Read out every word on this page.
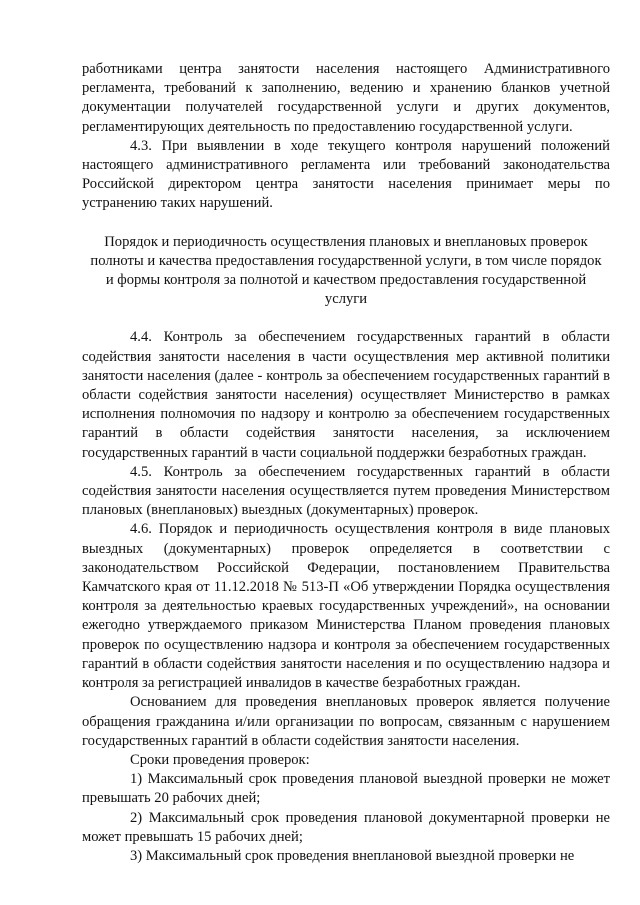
работниками центра занятости населения настоящего Административного регламента, требований к заполнению, ведению и хранению бланков учетной документации получателей государственной услуги и других документов, регламентирующих деятельность по предоставлению государственной услуги.

4.3. При выявлении в ходе текущего контроля нарушений положений настоящего административного регламента или требований законодательства Российской директором центра занятости населения принимает меры по устранению таких нарушений.

Порядок и периодичность осуществления плановых и внеплановых проверок полноты и качества предоставления государственной услуги, в том числе порядок и формы контроля за полнотой и качеством предоставления государственной услуги

4.4. Контроль за обеспечением государственных гарантий в области содействия занятости населения в части осуществления мер активной политики занятости населения (далее - контроль за обеспечением государственных гарантий в области содействия занятости населения) осуществляет Министерство в рамках исполнения полномочия по надзору и контролю за обеспечением государственных гарантий в области содействия занятости населения, за исключением государственных гарантий в части социальной поддержки безработных граждан.

4.5. Контроль за обеспечением государственных гарантий в области содействия занятости населения осуществляется путем проведения Министерством плановых (внеплановых) выездных (документарных) проверок.

4.6. Порядок и периодичность осуществления контроля в виде плановых выездных (документарных) проверок определяется в соответствии с законодательством Российской Федерации, постановлением Правительства Камчатского края от 11.12.2018 № 513-П «Об утверждении Порядка осуществления контроля за деятельностью краевых государственных учреждений», на основании ежегодно утверждаемого приказом Министерства Планом проведения плановых проверок по осуществлению надзора и контроля за обеспечением государственных гарантий в области содействия занятости населения и по осуществлению надзора и контроля за регистрацией инвалидов в качестве безработных граждан.

Основанием для проведения внеплановых проверок является получение обращения гражданина и/или организации по вопросам, связанным с нарушением государственных гарантий в области содействия занятости населения.

Сроки проведения проверок:

1) Максимальный срок проведения плановой выездной проверки не может превышать 20 рабочих дней;

2) Максимальный срок проведения плановой документарной проверки не может превышать 15 рабочих дней;

3) Максимальный срок проведения внеплановой выездной проверки не
